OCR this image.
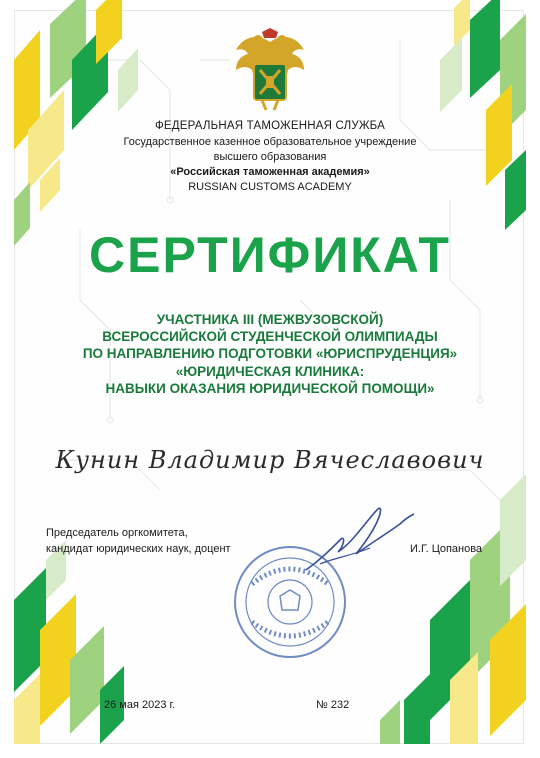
ФЕДЕРАЛЬНАЯ ТАМОЖЕННАЯ СЛУЖБА
Государственное казенное образовательное учреждение
высшего образования
«Российская таможенная академия»
RUSSIAN CUSTOMS ACADEMY
СЕРТИФИКАТ
УЧАСТНИКА III (МЕЖВУЗОВСКОЙ)
ВСЕРОССИЙСКОЙ СТУДЕНЧЕСКОЙ ОЛИМПИАДЫ
ПО НАПРАВЛЕНИЮ ПОДГОТОВКИ «ЮРИСПРУДЕНЦИЯ»
«ЮРИДИЧЕСКАЯ КЛИНИКА:
НАВЫКИ ОКАЗАНИЯ ЮРИДИЧЕСКОЙ ПОМОЩИ»
Кунин Владимир Вячеславович
Председатель оргкомитета,
кандидат юридических наук, доцент	И.Г. Цопанова
26 мая 2023 г.	№ 232
